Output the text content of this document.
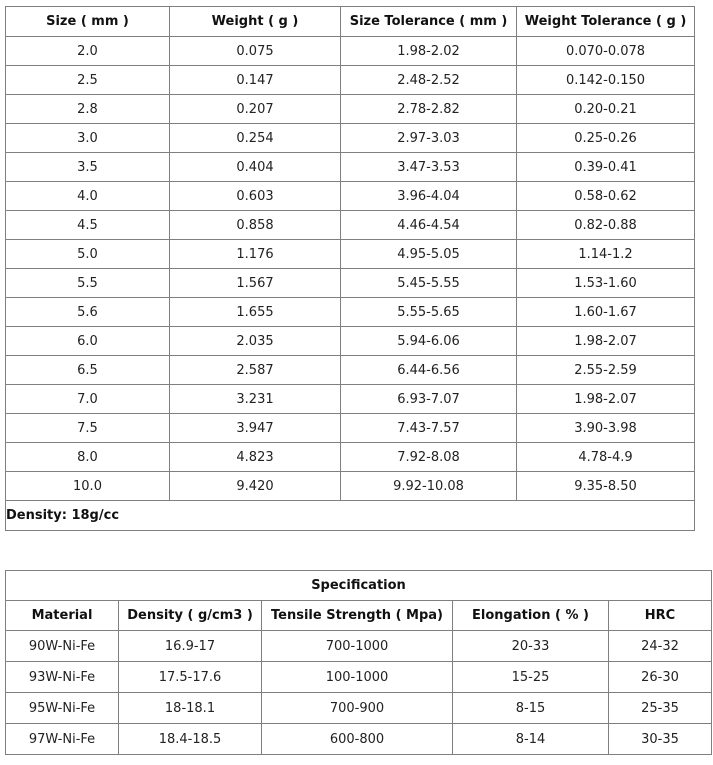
Size ( mm )	Weight ( g )	Size Tolerance ( mm )	Weight Tolerance ( g )
2.0	0.075	1.98-2.02	0.070-0.078
2.5	0.147	2.48-2.52	0.142-0.150
2.8	0.207	2.78-2.82	0.20-0.21
3.0	0.254	2.97-3.03	0.25-0.26
3.5	0.404	3.47-3.53	0.39-0.41
4.0	0.603	3.96-4.04	0.58-0.62
4.5	0.858	4.46-4.54	0.82-0.88
5.0	1.176	4.95-5.05	1.14-1.2
5.5	1.567	5.45-5.55	1.53-1.60
5.6	1.655	5.55-5.65	1.60-1.67
6.0	2.035	5.94-6.06	1.98-2.07
6.5	2.587	6.44-6.56	2.55-2.59
7.0	3.231	6.93-7.07	1.98-2.07
7.5	3.947	7.43-7.57	3.90-3.98
8.0	4.823	7.92-8.08	4.78-4.9
10.0	9.420	9.92-10.08	9.35-8.50
Density: 18g/cc			
Specification				
Material	Density ( g/cm3 )	Tensile Strength ( Mpa)	Elongation ( % )	HRC
90W-Ni-Fe	16.9-17	700-1000	20-33	24-32
93W-Ni-Fe	17.5-17.6	100-1000	15-25	26-30
95W-Ni-Fe	18-18.1	700-900	8-15	25-35
97W-Ni-Fe	18.4-18.5	600-800	8-14	30-35
